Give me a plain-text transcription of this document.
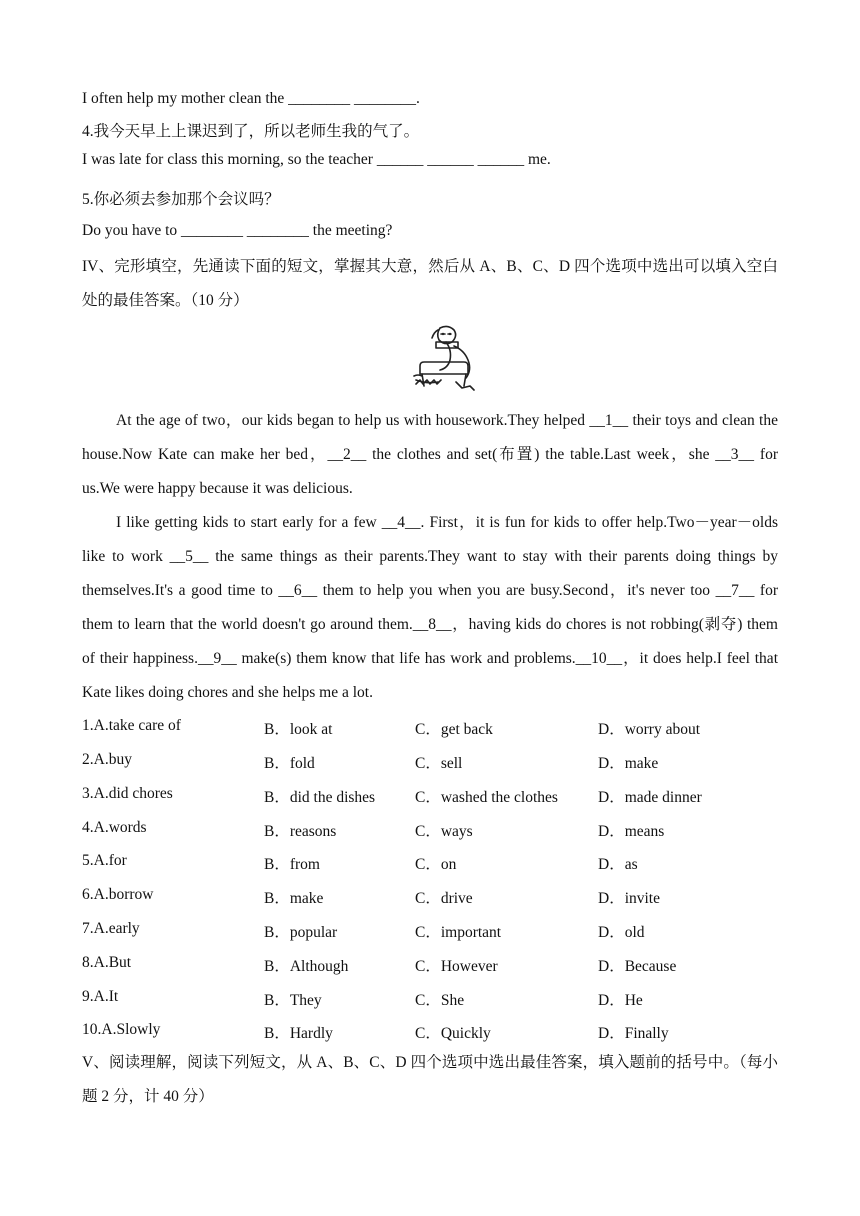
I often help my mother clean the ________ ________.
4.我今天早上上课迟到了，所以老师生我的气了。
I was late for class this morning, so the teacher ______ ______ ______ me.
5.你必须去参加那个会议吗？
Do you have to ________ ________ the meeting?
IV、完形填空，先通读下面的短文，掌握其大意，然后从 A、B、C、D 四个选项中选出可以填入空白处的最佳答案。（10 分）

At the age of two，our kids began to help us with housework.They helped __1__ their toys and clean the house.Now Kate can make her bed，__2__ the clothes and set(布置) the table.Last week，she __3__ for us.We were happy because it was delicious.

I like getting kids to start early for a few __4__. First，it is fun for kids to offer help.Two－year－olds like to work __5__ the same things as their parents.They want to stay with their parents doing things by themselves.It's a good time to __6__ them to help you when you are busy.Second，it's never too __7__ for them to learn that the world doesn't go around them.__8__，having kids do chores is not robbing(剥夺) them of their happiness.__9__ make(s) them know that life has work and problems.__10__，it does help.I feel that Kate likes doing chores and she helps me a lot.

1.A.take care of	B．look at	C．get back	D．worry about
2.A.buy	B．fold	C．sell	D．make
3.A.did chores	B．did the dishes	C．washed the clothes	D．made dinner
4.A.words	B．reasons	C．ways	D．means
5.A.for	B．from	C．on	D．as
6.A.borrow	B．make	C．drive	D．invite
7.A.early	B．popular	C．important	D．old
8.A.But	B．Although	C．However	D．Because
9.A.It	B．They	C．She	D．He
10.A.Slowly	B．Hardly	C．Quickly	D．Finally
V、阅读理解，阅读下列短文，从 A、B、C、D 四个选项中选出最佳答案，填入题前的括号中。（每小题 2 分，计 40 分）
